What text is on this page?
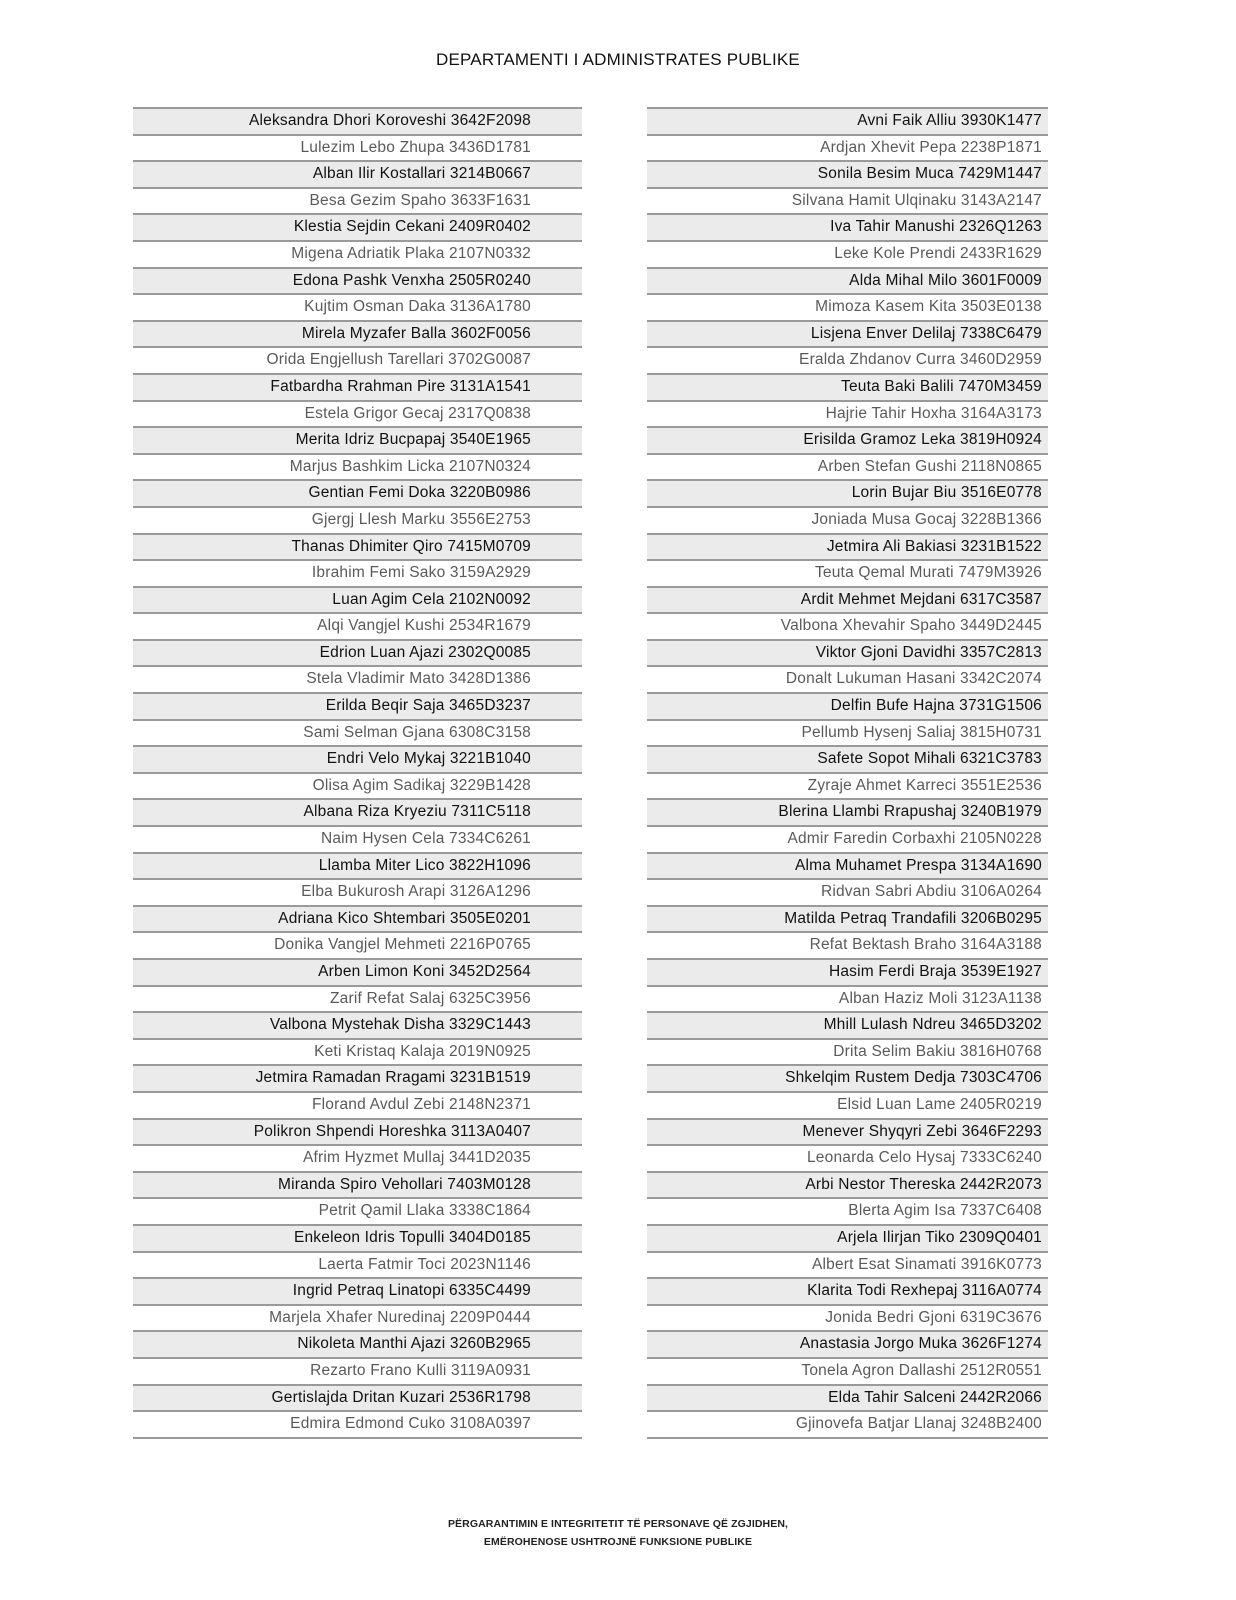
DEPARTAMENTI I ADMINISTRATES PUBLIKE
Aleksandra Dhori Koroveshi 3642F2098
Lulezim Lebo Zhupa 3436D1781
Alban Ilir Kostallari 3214B0667
Besa Gezim Spaho 3633F1631
Klestia Sejdin Cekani 2409R0402
Migena Adriatik Plaka 2107N0332
Edona Pashk Venxha 2505R0240
Kujtim Osman Daka 3136A1780
Mirela Myzafer Balla 3602F0056
Orida Engjellush Tarellari 3702G0087
Fatbardha Rrahman Pire 3131A1541
Estela Grigor Gecaj 2317Q0838
Merita Idriz Bucpapaj 3540E1965
Marjus Bashkim Licka 2107N0324
Gentian Femi Doka 3220B0986
Gjergj Llesh Marku 3556E2753
Thanas Dhimiter Qiro 7415M0709
Ibrahim Femi Sako 3159A2929
Luan Agim Cela 2102N0092
Alqi Vangjel Kushi 2534R1679
Edrion Luan Ajazi 2302Q0085
Stela Vladimir Mato 3428D1386
Erilda Beqir Saja 3465D3237
Sami Selman Gjana 6308C3158
Endri Velo Mykaj 3221B1040
Olisa Agim Sadikaj 3229B1428
Albana Riza Kryeziu 7311C5118
Naim Hysen Cela 7334C6261
Llamba Miter Lico 3822H1096
Elba Bukurosh Arapi 3126A1296
Adriana Kico Shtembari 3505E0201
Donika Vangjel Mehmeti 2216P0765
Arben Limon Koni 3452D2564
Zarif Refat Salaj 6325C3956
Valbona Mystehak Disha 3329C1443
Keti Kristaq Kalaja 2019N0925
Jetmira Ramadan Rragami 3231B1519
Florand Avdul Zebi 2148N2371
Polikron Shpendi Horeshka 3113A0407
Afrim Hyzmet Mullaj 3441D2035
Miranda Spiro Vehollari 7403M0128
Petrit Qamil Llaka 3338C1864
Enkeleon Idris Topulli 3404D0185
Laerta Fatmir Toci 2023N1146
Ingrid Petraq Linatopi 6335C4499
Marjela Xhafer Nuredinaj 2209P0444
Nikoleta Manthi Ajazi 3260B2965
Rezarto Frano Kulli 3119A0931
Gertislajda Dritan Kuzari 2536R1798
Edmira Edmond Cuko 3108A0397
Avni Faik Alliu 3930K1477
Ardjan Xhevit Pepa 2238P1871
Sonila Besim Muca 7429M1447
Silvana Hamit Ulqinaku 3143A2147
Iva Tahir Manushi 2326Q1263
Leke Kole Prendi 2433R1629
Alda Mihal Milo 3601F0009
Mimoza Kasem Kita 3503E0138
Lisjena Enver Delilaj 7338C6479
Eralda Zhdanov Curra 3460D2959
Teuta Baki Balili 7470M3459
Hajrie Tahir Hoxha 3164A3173
Erisilda Gramoz Leka 3819H0924
Arben Stefan Gushi 2118N0865
Lorin Bujar Biu 3516E0778
Joniada Musa Gocaj 3228B1366
Jetmira Ali Bakiasi 3231B1522
Teuta Qemal Murati 7479M3926
Ardit Mehmet Mejdani 6317C3587
Valbona Xhevahir Spaho 3449D2445
Viktor Gjoni Davidhi 3357C2813
Donalt Lukuman Hasani 3342C2074
Delfin Bufe Hajna 3731G1506
Pellumb Hysenj Saliaj 3815H0731
Safete Sopot Mihali 6321C3783
Zyraje Ahmet Karreci 3551E2536
Blerina Llambi Rrapushaj 3240B1979
Admir Faredin Corbaxhi 2105N0228
Alma Muhamet Prespa 3134A1690
Ridvan Sabri Abdiu 3106A0264
Matilda Petraq Trandafili 3206B0295
Refat Bektash Braho 3164A3188
Hasim Ferdi Braja 3539E1927
Alban Haziz Moli 3123A1138
Mhill Lulash Ndreu 3465D3202
Drita Selim Bakiu 3816H0768
Shkelqim Rustem Dedja 7303C4706
Elsid Luan Lame 2405R0219
Menever Shyqyri Zebi 3646F2293
Leonarda Celo Hysaj 7333C6240
Arbi Nestor Thereska 2442R2073
Blerta Agim Isa 7337C6408
Arjela Ilirjan Tiko 2309Q0401
Albert Esat Sinamati 3916K0773
Klarita Todi Rexhepaj 3116A0774
Jonida Bedri Gjoni 6319C3676
Anastasia Jorgo Muka 3626F1274
Tonela Agron Dallashi 2512R0551
Elda Tahir Salceni 2442R2066
Gjinovefa Batjar Llanaj 3248B2400
PËRGARANTIMIN E INTEGRITETIT TË PERSONAVE QË ZGJIDHEN,
EMËROHENOSE USHTROJNË FUNKSIONE PUBLIKE
